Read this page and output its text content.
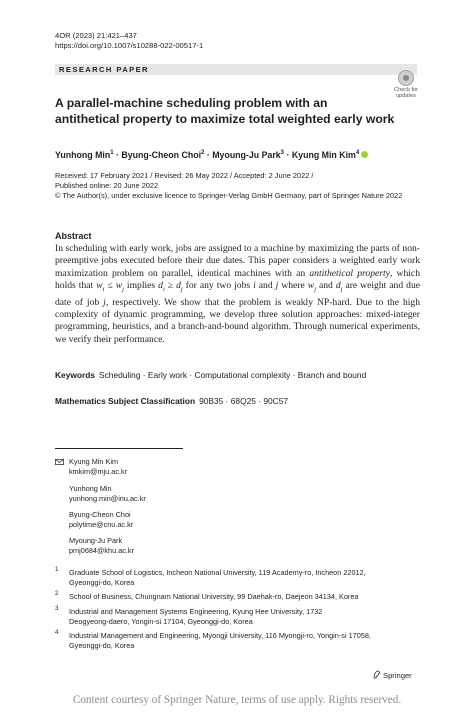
4OR (2023) 21:421–437
https://doi.org/10.1007/s10288-022-00517-1
RESEARCH PAPER
Check for
updates
A parallel-machine scheduling problem with an antithetical property to maximize total weighted early work
Yunhong Min$^1$ · Byung-Cheon Choi$^2$ · Myoung-Ju Park$^3$ · Kyung Min Kim$^4$
Received: 17 February 2021 / Revised: 26 May 2022 / Accepted: 2 June 2022 /
Published online: 20 June 2022
© The Author(s), under exclusive licence to Springer-Verlag GmbH Germany, part of Springer Nature 2022
Abstract
In scheduling with early work, jobs are assigned to a machine by maximizing the parts of non-preemptive jobs executed before their due dates. This paper considers a weighted early work maximization problem on parallel, identical machines with an antithetical property, which holds that $w_i \le w_j$ implies $d_i \ge d_j$ for any two jobs i and j where $w_j$ and $d_j$ are weight and due date of job j, respectively. We show that the problem is weakly NP-hard. Due to the high complexity of dynamic programming, we develop three solution approaches: mixed-integer programming, heuristics, and a branch-and-bound algorithm. Through numerical experiments, we verify their performance.
Keywords Scheduling · Early work · Computational complexity · Branch and bound
Mathematics Subject Classification 90B35 · 68Q25 · 90C57
Kyung Min Kim
kmkim@mju.ac.kr
Yunhong Min
yunhong.min@inu.ac.kr
Byung-Cheon Choi
polytime@cnu.ac.kr
Myoung-Ju Park
pmj0684@khu.ac.kr
1 Graduate School of Logistics, Incheon National University, 119 Academy-ro, Incheon 22012,
Gyeonggi-do, Korea
2 School of Business, Chungnam National University, 99 Daehak-ro, Daejeon 34134, Korea
3 Industrial and Management Systems Engineering, Kyung Hee University, 1732
Deogyeong-daero, Yongin-si 17104, Gyeonggi-do, Korea
4 Industrial Management and Engineering, Myongji University, 116 Myongji-ro, Yongin-si 17058,
Gyeonggi-do, Korea
Springer
Content courtesy of Springer Nature, terms of use apply. Rights reserved.
